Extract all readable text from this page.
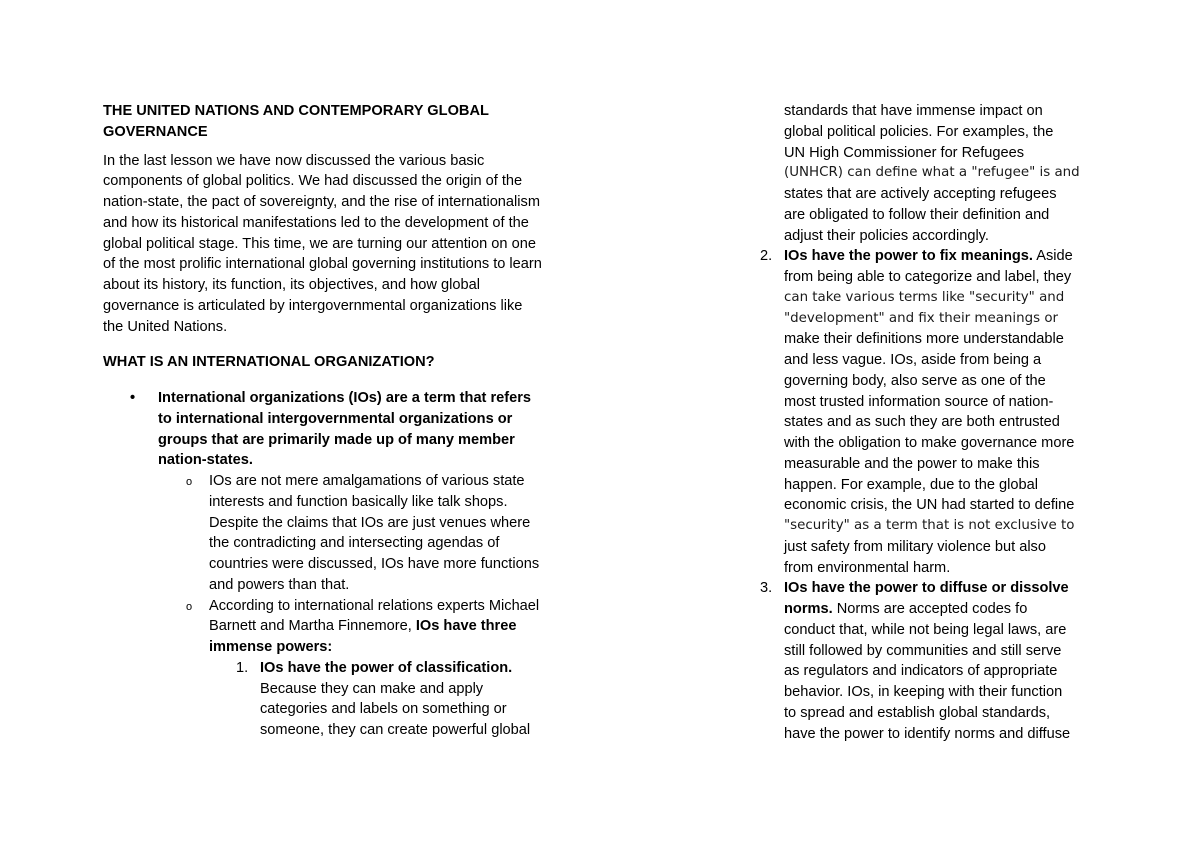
THE UNITED NATIONS AND CONTEMPORARY GLOBAL
GOVERNANCE
In the last lesson we have now discussed the various basic
components of global politics. We had discussed the origin of the
nation-state, the pact of sovereignty, and the rise of internationalism
and how its historical manifestations led to the development of the
global political stage. This time, we are turning our attention on one
of the most prolific international global governing institutions to learn
about its history, its function, its objectives, and how global
governance is articulated by intergovernmental organizations like
the United Nations.
WHAT IS AN INTERNATIONAL ORGANIZATION?
• International organizations (IOs) are a term that refers
to international intergovernmental organizations or
groups that are primarily made up of many member
nation-states.
o IOs are not mere amalgamations of various state
interests and function basically like talk shops.
Despite the claims that IOs are just venues where
the contradicting and intersecting agendas of
countries were discussed, IOs have more functions
and powers than that.
o According to international relations experts Michael
Barnett and Martha Finnemore, IOs have three
immense powers:
1. IOs have the power of classification.
Because they can make and apply
categories and labels on something or
someone, they can create powerful global
standards that have immense impact on
global political policies. For examples, the
UN High Commissioner for Refugees
(UNHCR) can define what a "refugee" is and
states that are actively accepting refugees
are obligated to follow their definition and
adjust their policies accordingly.
2. IOs have the power to fix meanings. Aside
from being able to categorize and label, they
can take various terms like "security" and
"development" and fix their meanings or
make their definitions more understandable
and less vague. IOs, aside from being a
governing body, also serve as one of the
most trusted information source of nation-
states and as such they are both entrusted
with the obligation to make governance more
measurable and the power to make this
happen. For example, due to the global
economic crisis, the UN had started to define
"security" as a term that is not exclusive to
just safety from military violence but also
from environmental harm.
3. IOs have the power to diffuse or dissolve
norms. Norms are accepted codes fo
conduct that, while not being legal laws, are
still followed by communities and still serve
as regulators and indicators of appropriate
behavior. IOs, in keeping with their function
to spread and establish global standards,
have the power to identify norms and diffuse
